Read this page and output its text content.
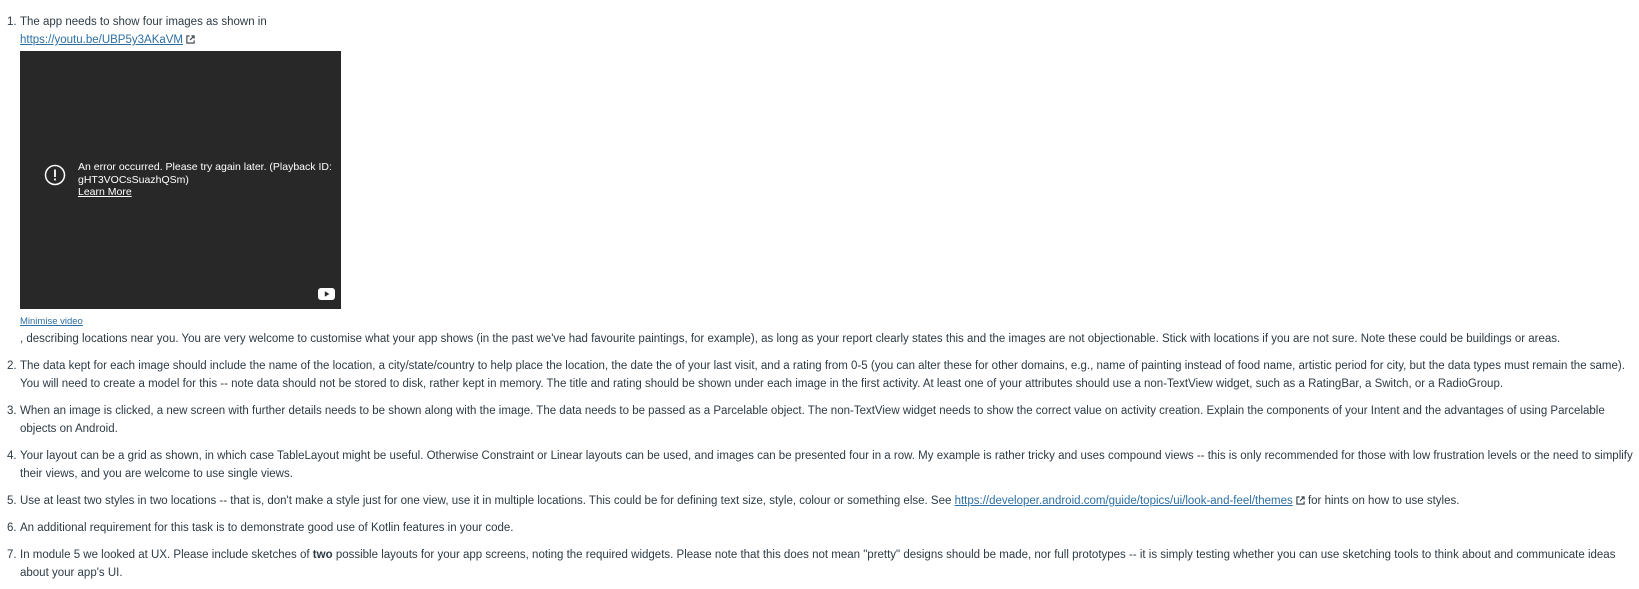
1. The app needs to show four images as shown in
https://youtu.be/UBP5y3AKaVM
An error occurred. Please try again later. (Playback ID: gHT3VOCsSuazhQSm)
Learn More
Minimise video
, describing locations near you. You are very welcome to customise what your app shows (in the past we've had favourite paintings, for example), as long as your report clearly states this and the images are not objectionable. Stick with locations if you are not sure. Note these could be buildings or areas.
2. The data kept for each image should include the name of the location, a city/state/country to help place the location, the date the of your last visit, and a rating from 0-5 (you can alter these for other domains, e.g., name of painting instead of food name, artistic period for city, but the data types must remain the same). You will need to create a model for this -- note data should not be stored to disk, rather kept in memory. The title and rating should be shown under each image in the first activity. At least one of your attributes should use a non-TextView widget, such as a RatingBar, a Switch, or a RadioGroup.
3. When an image is clicked, a new screen with further details needs to be shown along with the image. The data needs to be passed as a Parcelable object. The non-TextView widget needs to show the correct value on activity creation. Explain the components of your Intent and the advantages of using Parcelable objects on Android.
4. Your layout can be a grid as shown, in which case TableLayout might be useful. Otherwise Constraint or Linear layouts can be used, and images can be presented four in a row. My example is rather tricky and uses compound views -- this is only recommended for those with low frustration levels or the need to simplify their views, and you are welcome to use single views.
5. Use at least two styles in two locations -- that is, don't make a style just for one view, use it in multiple locations. This could be for defining text size, style, colour or something else. See https://developer.android.com/guide/topics/ui/look-and-feel/themes for hints on how to use styles.
6. An additional requirement for this task is to demonstrate good use of Kotlin features in your code.
7. In module 5 we looked at UX. Please include sketches of two possible layouts for your app screens, noting the required widgets. Please note that this does not mean "pretty" designs should be made, nor full prototypes -- it is simply testing whether you can use sketching tools to think about and communicate ideas about your app's UI.
